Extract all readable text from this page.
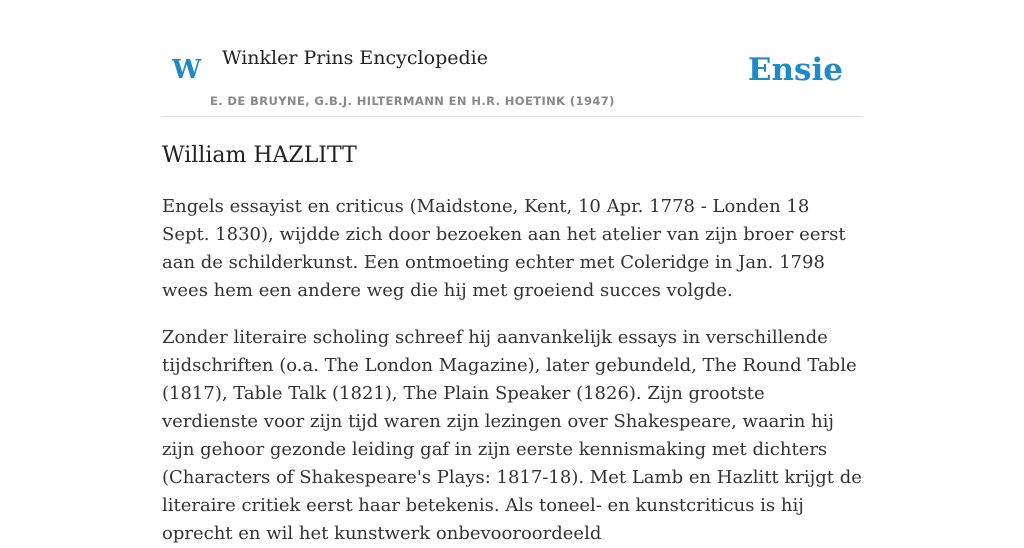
W Winkler Prins Encyclopedie
E. DE BRUYNE, G.B.J. HILTERMANN EN H.R. HOETINK (1947)
Ensie
William HAZLITT

Engels essayist en criticus (Maidstone, Kent, 10 Apr. 1778 - Londen 18 Sept. 1830), wijdde zich door bezoeken aan het atelier van zijn broer eerst aan de schilderkunst. Een ontmoeting echter met Coleridge in Jan. 1798 wees hem een andere weg die hij met groeiend succes volgde.

Zonder literaire scholing schreef hij aanvankelijk essays in verschillende tijdschriften (o.a. The London Magazine), later gebundeld, The Round Table (1817), Table Talk (1821), The Plain Speaker (1826). Zijn grootste verdienste voor zijn tijd waren zijn lezingen over Shakespeare, waarin hij zijn gehoor gezonde leiding gaf in zijn eerste kennismaking met dichters (Characters of Shakespeare's Plays: 1817-18). Met Lamb en Hazlitt krijgt de literaire critiek eerst haar betekenis. Als toneel- en kunstcriticus is hij oprecht en wil het kunstwerk onbevooroordeeld
